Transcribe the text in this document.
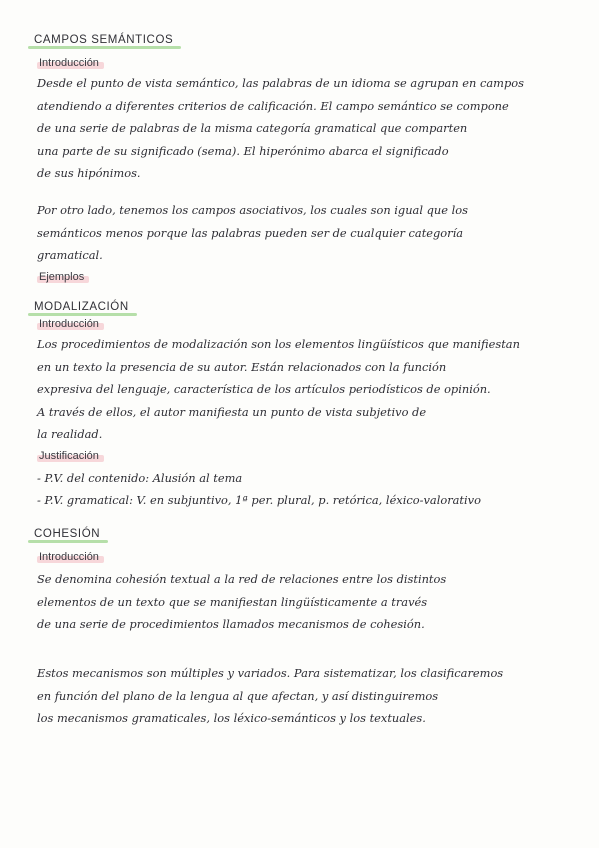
CAMPOS SEMÁNTICOS
Introducción
Desde el punto de vista semántico, las palabras de un idioma se agrupan en campos
atendiendo a diferentes criterios de calificación. El campo semántico se compone
de una serie de palabras de la misma categoría gramatical que comparten
una parte de su significado (sema). El hiperónimo abarca el significado
de sus hipónimos.
Por otro lado, tenemos los campos asociativos, los cuales son igual que los
semánticos menos porque las palabras pueden ser de cualquier categoría
gramatical.
Ejemplos
MODALIZACIÓN
Introducción
Los procedimientos de modalización son los elementos lingüísticos que manifiestan
en un texto la presencia de su autor. Están relacionados con la función
expresiva del lenguaje, característica de los artículos periodísticos de opinión.
A través de ellos, el autor manifiesta un punto de vista subjetivo de
la realidad.
Justificación
- P.V. del contenido: Alusión al tema
- P.V. gramatical: V. en subjuntivo, 1ª per. plural, p. retórica, léxico-valorativo
COHESIÓN
Introducción
Se denomina cohesión textual a la red de relaciones entre los distintos
elementos de un texto que se manifiestan lingüísticamente a través
de una serie de procedimientos llamados mecanismos de cohesión.
Estos mecanismos son múltiples y variados. Para sistematizar, los clasificaremos
en función del plano de la lengua al que afectan, y así distinguiremos
los mecanismos gramaticales, los léxico-semánticos y los textuales.
